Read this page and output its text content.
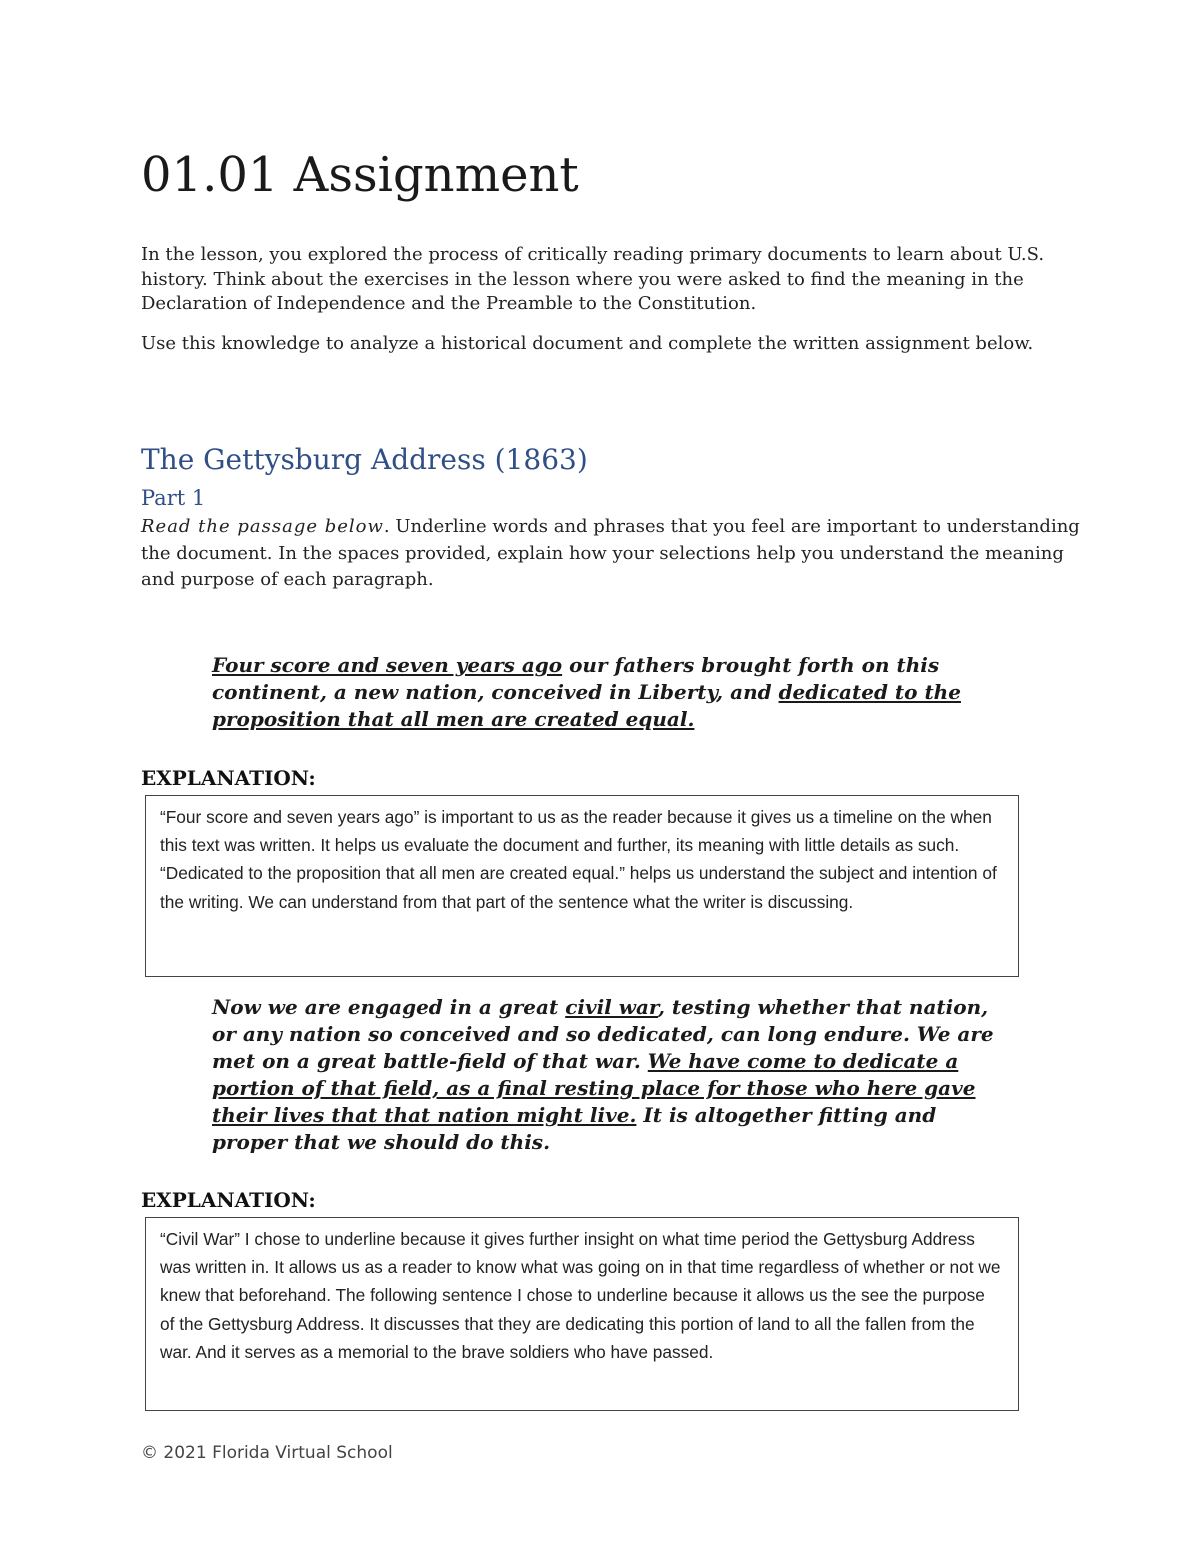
01.01 Assignment

In the lesson, you explored the process of critically reading primary documents to learn about U.S. history. Think about the exercises in the lesson where you were asked to find the meaning in the Declaration of Independence and the Preamble to the Constitution.

Use this knowledge to analyze a historical document and complete the written assignment below.

The Gettysburg Address (1863)
Part 1

Read the passage below. Underline words and phrases that you feel are important to understanding the document. In the spaces provided, explain how your selections help you understand the meaning and purpose of each paragraph.

Four score and seven years ago our fathers brought forth on this continent, a new nation, conceived in Liberty, and dedicated to the proposition that all men are created equal.

EXPLANATION:

“Four score and seven years ago” is important to us as the reader because it gives us a timeline on the when this text was written. It helps us evaluate the document and further, its meaning with little details as such. “Dedicated to the proposition that all men are created equal.” helps us understand the subject and intention of the writing. We can understand from that part of the sentence what the writer is discussing.

Now we are engaged in a great civil war, testing whether that nation, or any nation so conceived and so dedicated, can long endure. We are met on a great battle-field of that war. We have come to dedicate a portion of that field, as a final resting place for those who here gave their lives that that nation might live. It is altogether fitting and proper that we should do this.

EXPLANATION:

“Civil War” I chose to underline because it gives further insight on what time period the Gettysburg Address was written in. It allows us as a reader to know what was going on in that time regardless of whether or not we knew that beforehand. The following sentence I chose to underline because it allows us the see the purpose of the Gettysburg Address. It discusses that they are dedicating this portion of land to all the fallen from the war. And it serves as a memorial to the brave soldiers who have passed.

© 2021 Florida Virtual School
